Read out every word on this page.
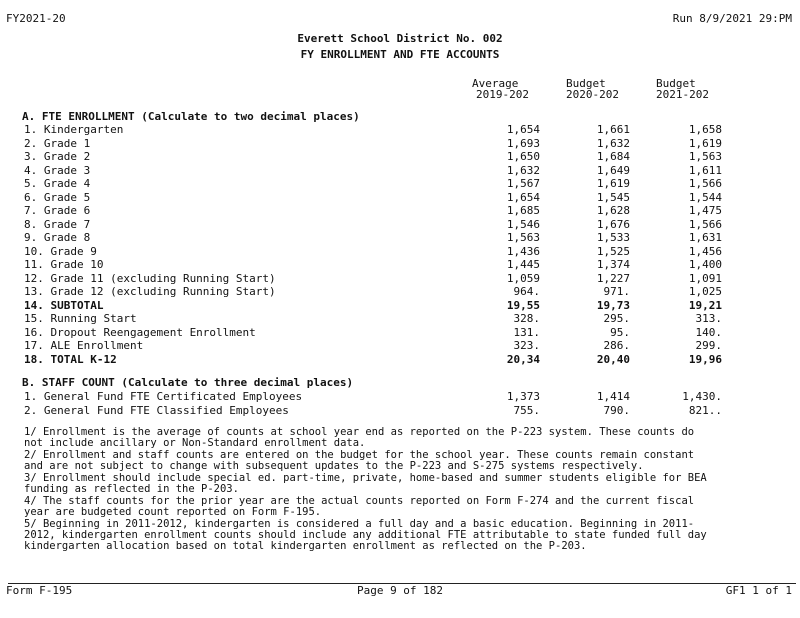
FY2021-20	Run 8/9/2021 29:PM
Everett School District No. 002
FY ENROLLMENT AND FTE ACCOUNTS
Average
2019-202
Budget
2020-202
Budget
2021-202
A. FTE ENROLLMENT (Calculate to two decimal places)
1. Kindergarten	1,654	1,661	1,658
2. Grade 1	1,693	1,632	1,619
3. Grade 2	1,650	1,684	1,563
4. Grade 3	1,632	1,649	1,611
5. Grade 4	1,567	1,619	1,566
6. Grade 5	1,654	1,545	1,544
7. Grade 6	1,685	1,628	1,475
8. Grade 7	1,546	1,676	1,566
9. Grade 8	1,563	1,533	1,631
10. Grade 9	1,436	1,525	1,456
11. Grade 10	1,445	1,374	1,400
12. Grade 11 (excluding Running Start)	1,059	1,227	1,091
13. Grade 12 (excluding Running Start)	964.	971.	1,025
14. SUBTOTAL	19,55	19,73	19,21
15. Running Start	328.	295.	313.
16. Dropout Reengagement Enrollment	131.	95.	140.
17. ALE Enrollment	323.	286.	299.
18. TOTAL K-12	20,34	20,40	19,96
B. STAFF COUNT (Calculate to three decimal places)
1. General Fund FTE Certificated Employees	1,373	1,414	1,430.
2. General Fund FTE Classified Employees	755.	790.	821..
1/ Enrollment is the average of counts at school year end as reported on the P-223 system. These counts do not include ancillary or Non-Standard enrollment data.
2/ Enrollment and staff counts are entered on the budget for the school year. These counts remain constant and are not subject to change with subsequent updates to the P-223 and S-275 systems respectively.
3/ Enrollment should include special ed. part-time, private, home-based and summer students eligible for BEA funding as reflected in the P-203.
4/ The staff counts for the prior year are the actual counts reported on Form F-274 and the current fiscal year are budgeted count reported on Form F-195.
5/ Beginning in 2011-2012, kindergarten is considered a full day and a basic education. Beginning in 2011-2012, kindergarten enrollment counts should include any additional FTE attributable to state funded full day kindergarten allocation based on total kindergarten enrollment as reflected on the P-203.
Form F-195	Page 9 of 182	GF1 1 of 1
